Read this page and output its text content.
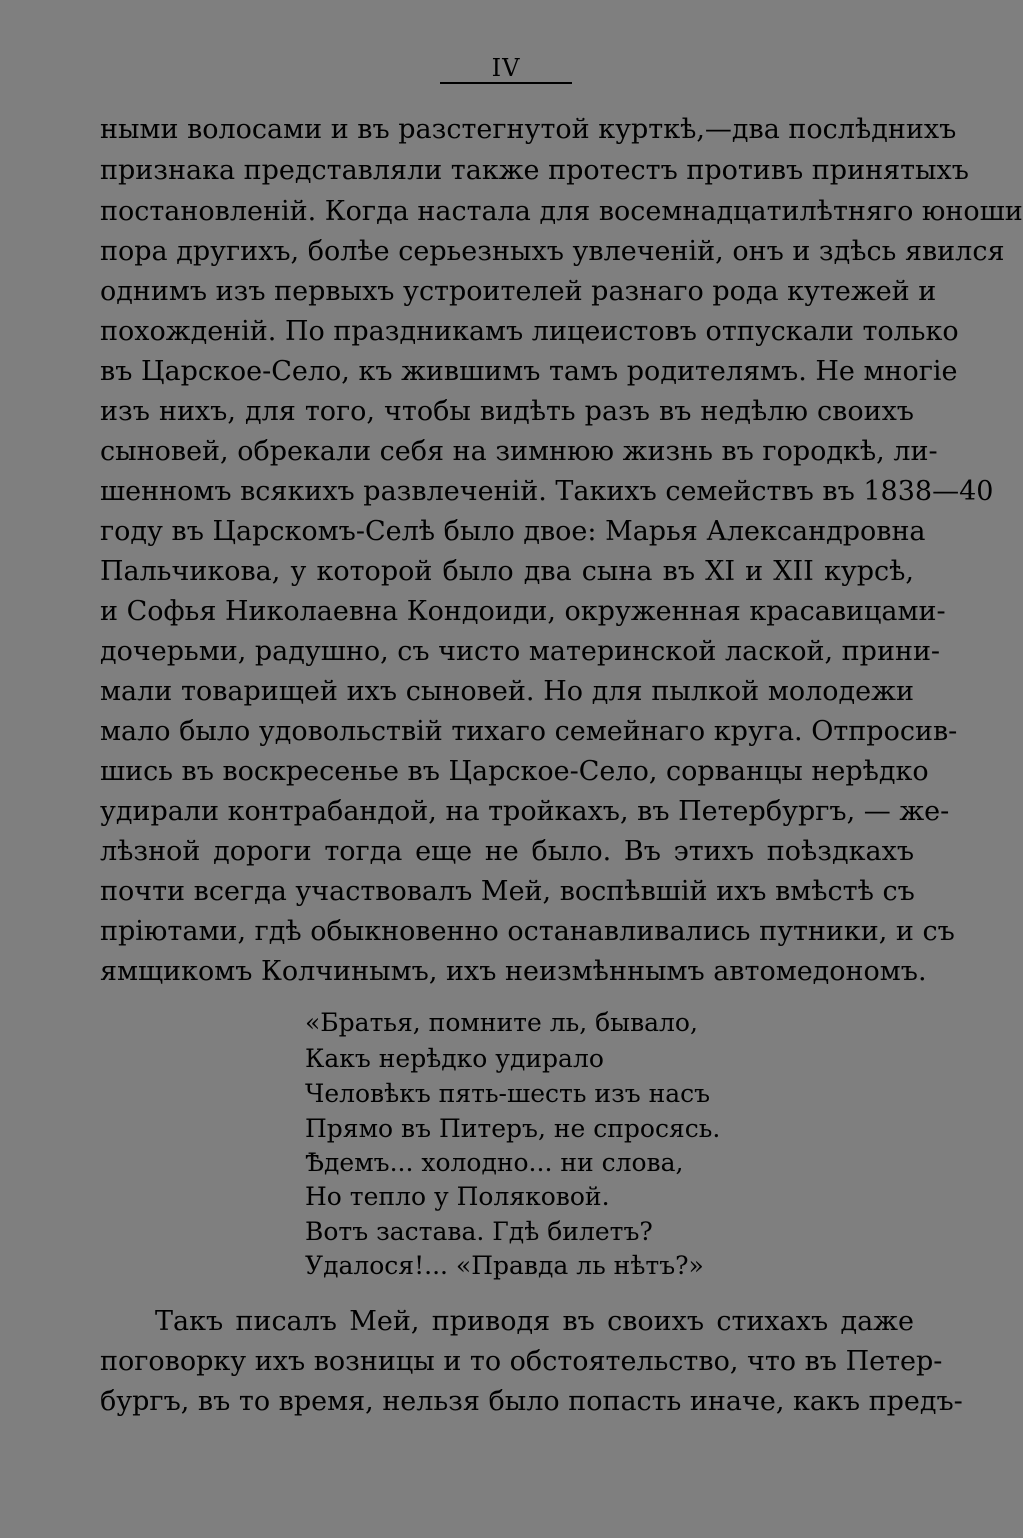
IV
ными волосами и въ разстегнутой курткѣ,—два послѣднихъ
признака представляли также протестъ противъ принятыхъ
постановленій. Когда настала для восемнадцатилѣтняго юноши
пора другихъ, болѣе серьезныхъ увлеченій, онъ и здѣсь явился
однимъ изъ первыхъ устроителей разнаго рода кутежей и
похожденій. По праздникамъ лицеистовъ отпускали только
въ Царское-Село, къ жившимъ тамъ родителямъ. Не многіе
изъ нихъ, для того, чтобы видѣть разъ въ недѣлю своихъ
сыновей, обрекали себя на зимнюю жизнь въ городкѣ, ли-
шенномъ всякихъ развлеченій. Такихъ семействъ въ 1838—40
году въ Царскомъ-Селѣ было двое: Марья Александровна
Пальчикова, у которой было два сына въ XI и XII курсѣ,
и Софья Николаевна Кондоиди, окруженная красавицами-
дочерьми, радушно, съ чисто материнской лаской, прини-
мали товарищей ихъ сыновей. Но для пылкой молодежи
мало было удовольствій тихаго семейнаго круга. Отпросив-
шись въ воскресенье въ Царское-Село, сорванцы нерѣдко
удирали контрабандой, на тройкахъ, въ Петербургъ, — же-
лѣзной дороги тогда еще не было. Въ этихъ поѣздкахъ
почти всегда участвовалъ Мей, воспѣвшій ихъ вмѣстѣ съ
пріютами, гдѣ обыкновенно останавливались путники, и съ
ямщикомъ Колчинымъ, ихъ неизмѣннымъ автомедономъ.
«Братья, помните ль, бывало,
Какъ нерѣдко удирало
Человѣкъ пять-шесть изъ насъ
Прямо въ Питеръ, не спросясь.
Ѣдемъ... холодно... ни слова,
Но тепло у Поляковой.
Вотъ застава. Гдѣ билетъ?
Удалося!... «Правда ль нѣтъ?»
Такъ писалъ Мей, приводя въ своихъ стихахъ даже
поговорку ихъ возницы и то обстоятельство, что въ Петер-
бургъ, въ то время, нельзя было попасть иначе, какъ предъ-
